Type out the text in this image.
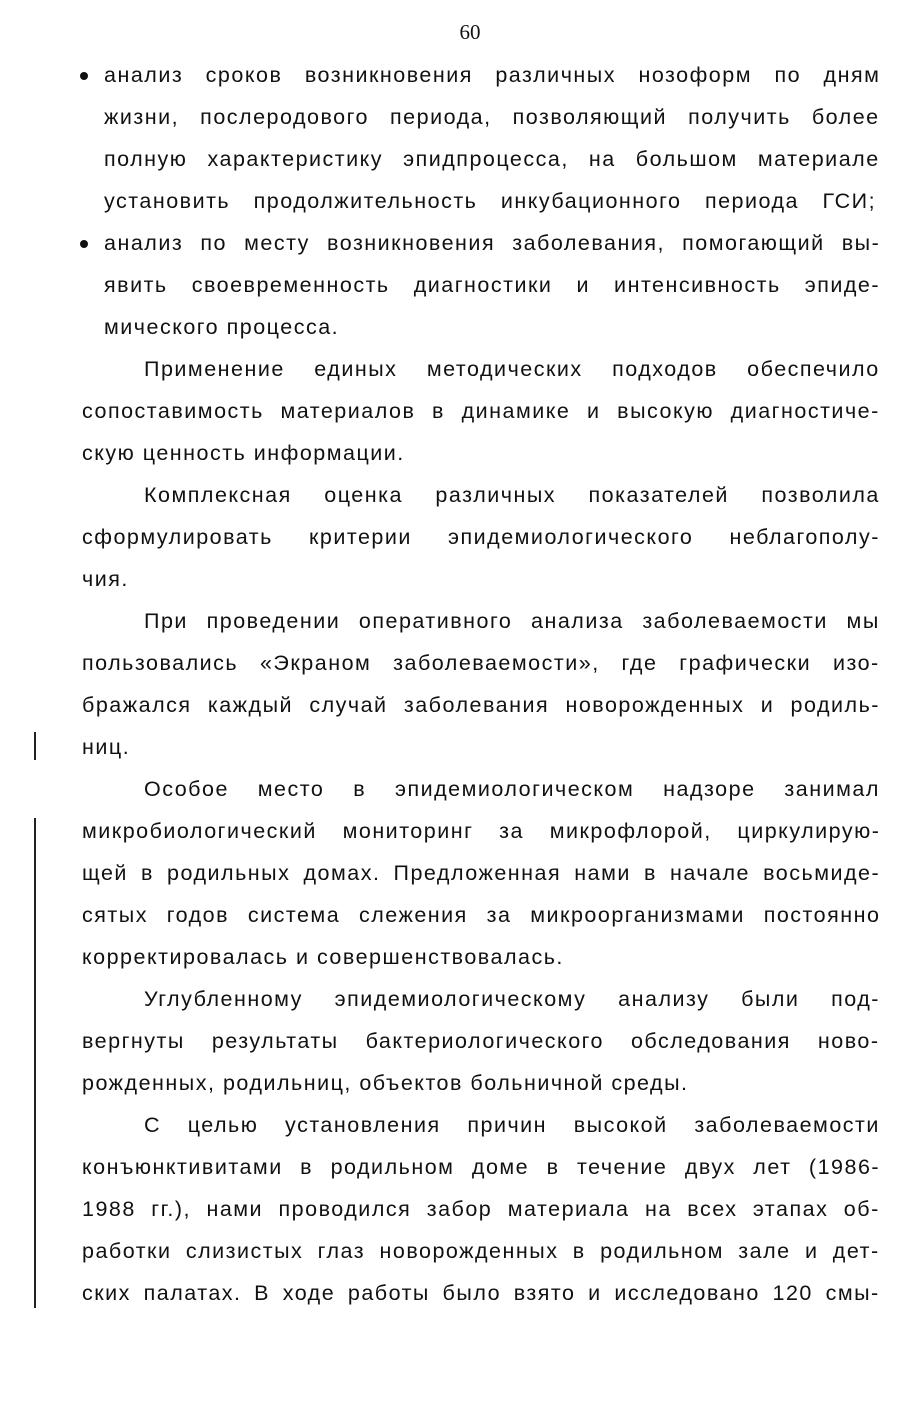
60
анализ сроков возникновения различных нозоформ по дням
жизни, послеродового периода, позволяющий получить более
полную характеристику эпидпроцесса, на большом материале
установить продолжительность инкубационного периода ГСИ;
анализ по месту возникновения заболевания, помогающий вы-
явить своевременность диагностики и интенсивность эпиде-
мического процесса.
Применение единых методических подходов обеспечило
сопоставимость материалов в динамике и высокую диагностиче-
скую ценность информации.
Комплексная оценка различных показателей позволила
сформулировать критерии эпидемиологического неблагополу-
чия.
При проведении оперативного анализа заболеваемости мы
пользовались «Экраном заболеваемости», где графически изо-
бражался каждый случай заболевания новорожденных и родиль-
ниц.
Особое место в эпидемиологическом надзоре занимал
микробиологический мониторинг за микрофлорой, циркулирую-
щей в родильных домах. Предложенная нами в начале восьмиде-
сятых годов система слежения за микроорганизмами постоянно
корректировалась и совершенствовалась.
Углубленному эпидемиологическому анализу были под-
вергнуты результаты бактериологического обследования ново-
рожденных, родильниц, объектов больничной среды.
С целью установления причин высокой заболеваемости
конъюнктивитами в родильном доме в течение двух лет (1986-
1988 гг.), нами проводился забор материала на всех этапах об-
работки слизистых глаз новорожденных в родильном зале и дет-
ских палатах. В ходе работы было взято и исследовано 120 смы-
